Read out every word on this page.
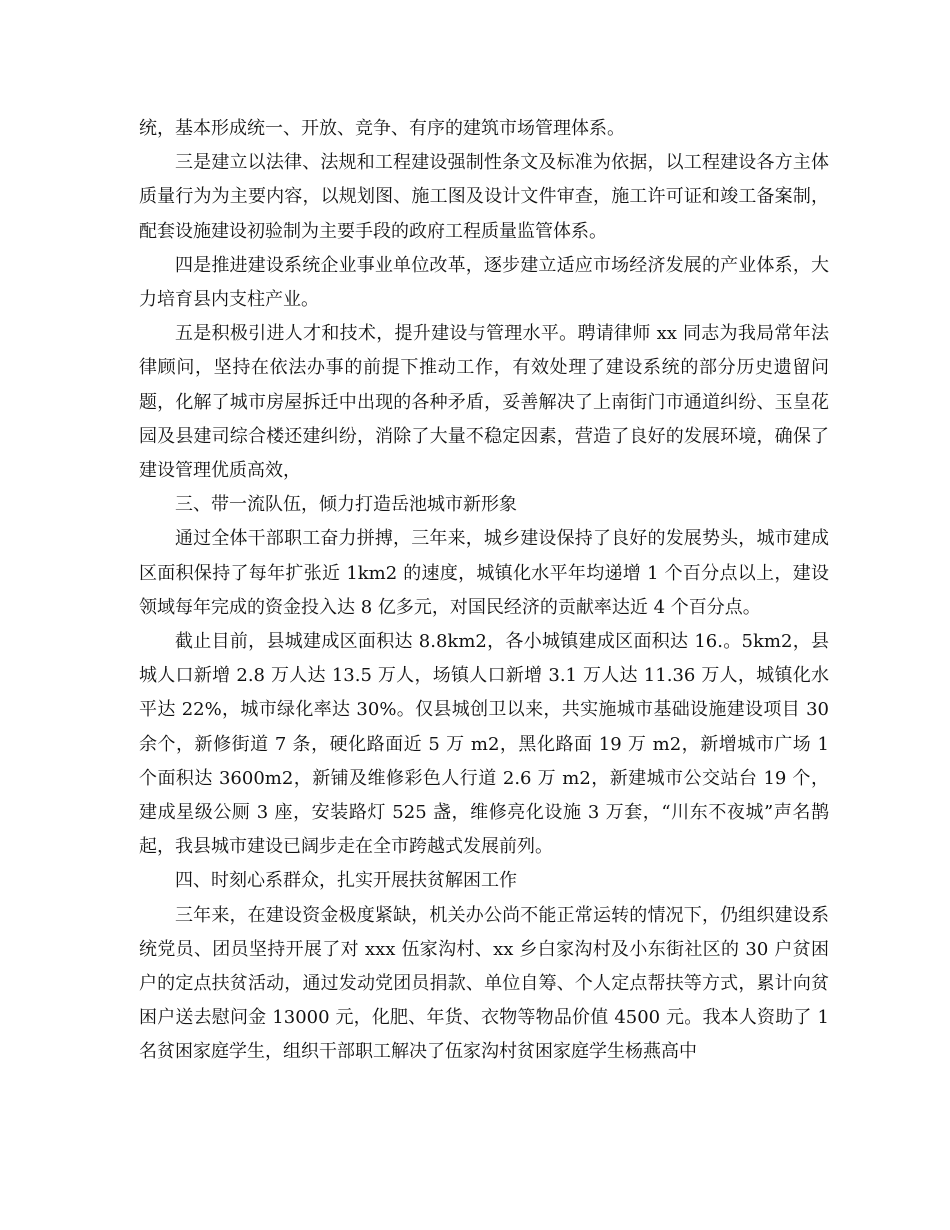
统，基本形成统一、开放、竞争、有序的建筑市场管理体系。

三是建立以法律、法规和工程建设强制性条文及标准为依据，以工程建设各方主体质量行为为主要内容，以规划图、施工图及设计文件审查，施工许可证和竣工备案制，配套设施建设初验制为主要手段的政府工程质量监管体系。

四是推进建设系统企业事业单位改革，逐步建立适应市场经济发展的产业体系，大力培育县内支柱产业。

五是积极引进人才和技术，提升建设与管理水平。聘请律师 xx 同志为我局常年法律顾问，坚持在依法办事的前提下推动工作，有效处理了建设系统的部分历史遗留问题，化解了城市房屋拆迁中出现的各种矛盾，妥善解决了上南街门市通道纠纷、玉皇花园及县建司综合楼还建纠纷，消除了大量不稳定因素，营造了良好的发展环境，确保了建设管理优质高效，

三、带一流队伍，倾力打造岳池城市新形象

通过全体干部职工奋力拼搏，三年来，城乡建设保持了良好的发展势头，城市建成区面积保持了每年扩张近 1km2 的速度，城镇化水平年均递增 1 个百分点以上，建设领域每年完成的资金投入达 8 亿多元，对国民经济的贡献率达近 4 个百分点。

截止目前，县城建成区面积达 8.8km2，各小城镇建成区面积达 16.。5km2，县城人口新增 2.8 万人达 13.5 万人，场镇人口新增 3.1 万人达 11.36 万人，城镇化水平达 22%，城市绿化率达 30%。仅县城创卫以来，共实施城市基础设施建设项目 30 余个，新修街道 7 条，硬化路面近 5 万 m2，黑化路面 19 万 m2，新增城市广场 1 个面积达 3600m2，新铺及维修彩色人行道 2.6 万 m2，新建城市公交站台 19 个，建成星级公厕 3 座，安装路灯 525 盏，维修亮化设施 3 万套，“川东不夜城”声名鹊起，我县城市建设已阔步走在全市跨越式发展前列。

四、时刻心系群众，扎实开展扶贫解困工作

三年来，在建设资金极度紧缺，机关办公尚不能正常运转的情况下，仍组织建设系统党员、团员坚持开展了对 xxx 伍家沟村、xx 乡白家沟村及小东街社区的 30 户贫困户的定点扶贫活动，通过发动党团员捐款、单位自筹、个人定点帮扶等方式，累计向贫困户送去慰问金 13000 元，化肥、年货、衣物等物品价值 4500 元。我本人资助了 1 名贫困家庭学生，组织干部职工解决了伍家沟村贫困家庭学生杨燕高中
